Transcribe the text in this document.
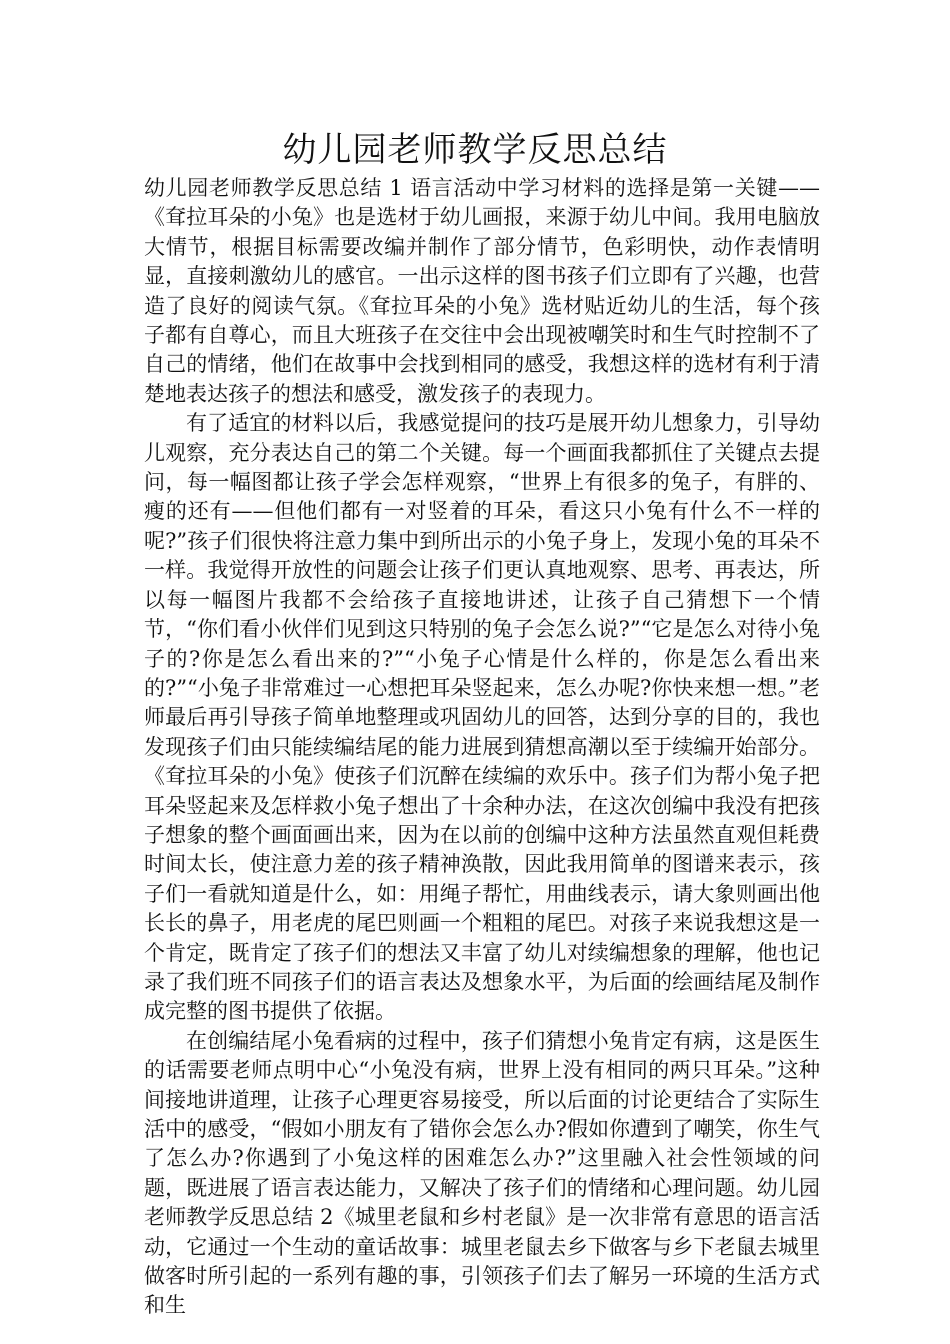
幼儿园老师教学反思总结

幼儿园老师教学反思总结 1 语言活动中学习材料的选择是第一关键——《耷拉耳朵的小兔》也是选材于幼儿画报，来源于幼儿中间。我用电脑放大情节，根据目标需要改编并制作了部分情节，色彩明快，动作表情明显，直接刺激幼儿的感官。一出示这样的图书孩子们立即有了兴趣，也营造了良好的阅读气氛。《耷拉耳朵的小兔》选材贴近幼儿的生活，每个孩子都有自尊心，而且大班孩子在交往中会出现被嘲笑时和生气时控制不了自己的情绪，他们在故事中会找到相同的感受，我想这样的选材有利于清楚地表达孩子的想法和感受，激发孩子的表现力。

有了适宜的材料以后，我感觉提问的技巧是展开幼儿想象力，引导幼儿观察，充分表达自己的第二个关键。每一个画面我都抓住了关键点去提问，每一幅图都让孩子学会怎样观察，“世界上有很多的兔子，有胖的、瘦的还有——但他们都有一对竖着的耳朵，看这只小兔有什么不一样的呢?”孩子们很快将注意力集中到所出示的小兔子身上，发现小兔的耳朵不一样。我觉得开放性的问题会让孩子们更认真地观察、思考、再表达，所以每一幅图片我都不会给孩子直接地讲述，让孩子自己猜想下一个情节，“你们看小伙伴们见到这只特别的兔子会怎么说?”“它是怎么对待小兔子的?你是怎么看出来的?”“小兔子心情是什么样的，你是怎么看出来的?”“小兔子非常难过一心想把耳朵竖起来，怎么办呢?你快来想一想。”老师最后再引导孩子简单地整理或巩固幼儿的回答，达到分享的目的，我也发现孩子们由只能续编结尾的能力进展到猜想高潮以至于续编开始部分。《耷拉耳朵的小兔》使孩子们沉醉在续编的欢乐中。孩子们为帮小兔子把耳朵竖起来及怎样救小兔子想出了十余种办法，在这次创编中我没有把孩子想象的整个画面画出来，因为在以前的创编中这种方法虽然直观但耗费时间太长，使注意力差的孩子精神涣散，因此我用简单的图谱来表示，孩子们一看就知道是什么，如：用绳子帮忙，用曲线表示，请大象则画出他长长的鼻子，用老虎的尾巴则画一个粗粗的尾巴。对孩子来说我想这是一个肯定，既肯定了孩子们的想法又丰富了幼儿对续编想象的理解，他也记录了我们班不同孩子们的语言表达及想象水平，为后面的绘画结尾及制作成完整的图书提供了依据。

在创编结尾小兔看病的过程中，孩子们猜想小兔肯定有病，这是医生的话需要老师点明中心“小兔没有病，世界上没有相同的两只耳朵。”这种间接地讲道理，让孩子心理更容易接受，所以后面的讨论更结合了实际生活中的感受，“假如小朋友有了错你会怎么办?假如你遭到了嘲笑，你生气了怎么办?你遇到了小兔这样的困难怎么办?”这里融入社会性领域的问题，既进展了语言表达能力，又解决了孩子们的情绪和心理问题。幼儿园老师教学反思总结 2《城里老鼠和乡村老鼠》是一次非常有意思的语言活动，它通过一个生动的童话故事：城里老鼠去乡下做客与乡下老鼠去城里做客时所引起的一系列有趣的事，引领孩子们去了解另一环境的生活方式和生
